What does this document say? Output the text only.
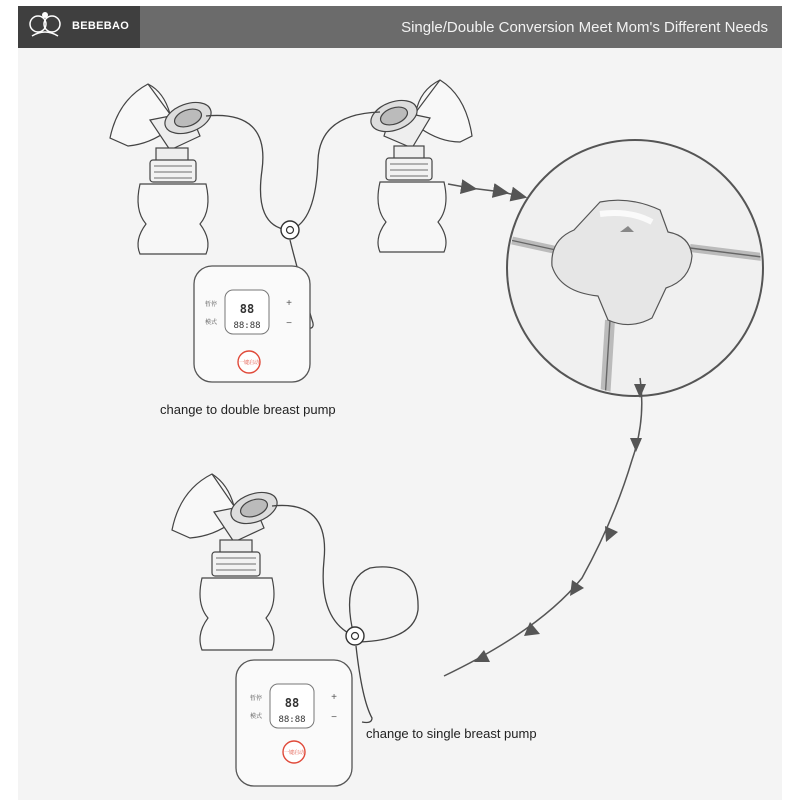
BEBEBAO	Single/Double Conversion Meet Mom's Different Needs
88
88:88
暂停
模式
+
−
一键启动
88
88:88
暂停
模式
+
−
一键启动
change to double breast pump
change to single breast pump
